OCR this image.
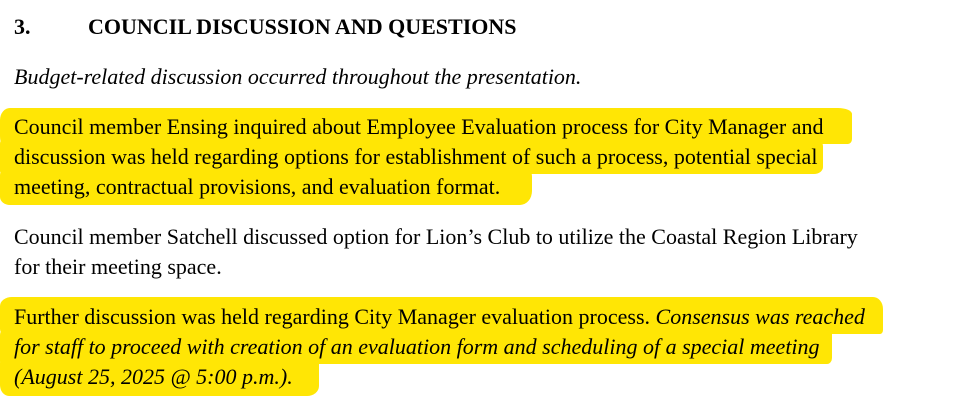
3.	COUNCIL DISCUSSION AND QUESTIONS
Budget-related discussion occurred throughout the presentation.
Council member Ensing inquired about Employee Evaluation process for City Manager and
discussion was held regarding options for establishment of such a process, potential special
meeting, contractual provisions, and evaluation format.
Council member Satchell discussed option for Lion’s Club to utilize the Coastal Region Library
for their meeting space.
Further discussion was held regarding City Manager evaluation process. Consensus was reached
for staff to proceed with creation of an evaluation form and scheduling of a special meeting
(August 25, 2025 @ 5:00 p.m.).
